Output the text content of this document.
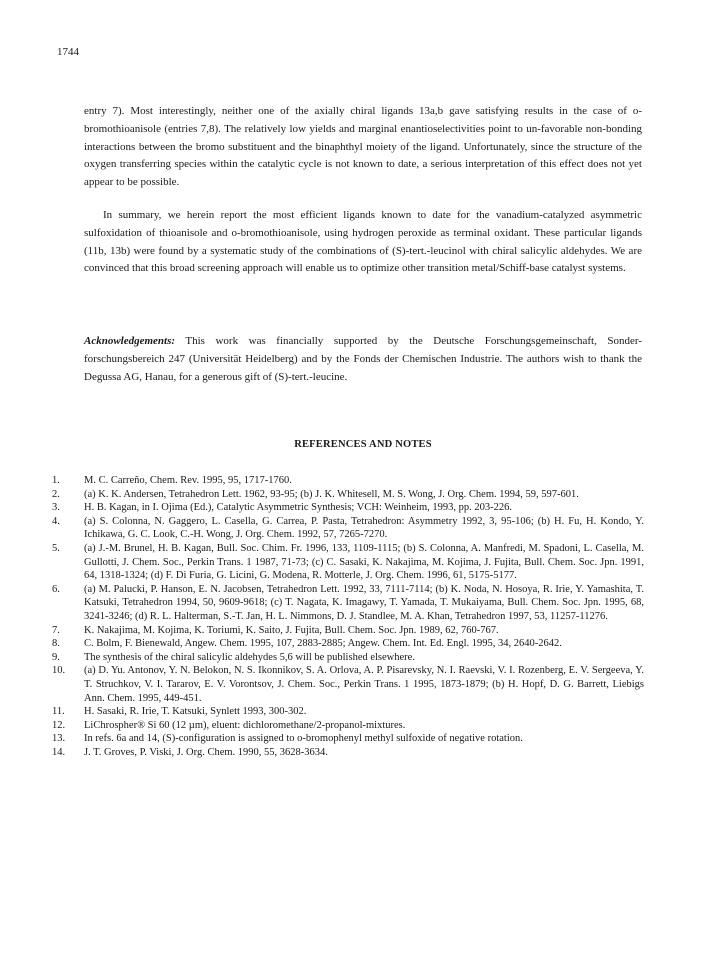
1744

entry 7). Most interestingly, neither one of the axially chiral ligands 13a,b gave satisfying results in the case of o-bromothioanisole (entries 7,8). The relatively low yields and marginal enantioselectivities point to un-favorable non-bonding interactions between the bromo substituent and the binaphthyl moiety of the ligand. Unfortunately, since the structure of the oxygen transferring species within the catalytic cycle is not known to date, a serious interpretation of this effect does not yet appear to be possible.

In summary, we herein report the most efficient ligands known to date for the vanadium-catalyzed asymmetric sulfoxidation of thioanisole and o-bromothioanisole, using hydrogen peroxide as terminal oxidant. These particular ligands (11b, 13b) were found by a systematic study of the combinations of (S)-tert.-leucinol with chiral salicylic aldehydes. We are convinced that this broad screening approach will enable us to optimize other transition metal/Schiff-base catalyst systems.

Acknowledgements: This work was financially supported by the Deutsche Forschungsgemeinschaft, Sonder-forschungsbereich 247 (Universität Heidelberg) and by the Fonds der Chemischen Industrie. The authors wish to thank the Degussa AG, Hanau, for a generous gift of (S)-tert.-leucine.

REFERENCES AND NOTES
1.	M. C. Carreño, Chem. Rev. 1995, 95, 1717-1760.
2.	(a) K. K. Andersen, Tetrahedron Lett. 1962, 93-95; (b) J. K. Whitesell, M. S. Wong, J. Org. Chem. 1994, 59, 597-601.
3.	H. B. Kagan, in I. Ojima (Ed.), Catalytic Asymmetric Synthesis; VCH: Weinheim, 1993, pp. 203-226.
4.	(a) S. Colonna, N. Gaggero, L. Casella, G. Carrea, P. Pasta, Tetrahedron: Asymmetry 1992, 3, 95-106; (b) H. Fu, H. Kondo, Y. Ichikawa, G. C. Look, C.-H. Wong, J. Org. Chem. 1992, 57, 7265-7270.
5.	(a) J.-M. Brunel, H. B. Kagan, Bull. Soc. Chim. Fr. 1996, 133, 1109-1115; (b) S. Colonna, A. Manfredi, M. Spadoni, L. Casella, M. Gullotti, J. Chem. Soc., Perkin Trans. 1 1987, 71-73; (c) C. Sasaki, K. Nakajima, M. Kojima, J. Fujita, Bull. Chem. Soc. Jpn. 1991, 64, 1318-1324; (d) F. Di Furia, G. Licini, G. Modena, R. Motterle, J. Org. Chem. 1996, 61, 5175-5177.
6.	(a) M. Palucki, P. Hanson, E. N. Jacobsen, Tetrahedron Lett. 1992, 33, 7111-7114; (b) K. Noda, N. Hosoya, R. Irie, Y. Yamashita, T. Katsuki, Tetrahedron 1994, 50, 9609-9618; (c) T. Nagata, K. Imagawy, T. Yamada, T. Mukaiyama, Bull. Chem. Soc. Jpn. 1995, 68, 3241-3246; (d) R. L. Halterman, S.-T. Jan, H. L. Nimmons, D. J. Standlee, M. A. Khan, Tetrahedron 1997, 53, 11257-11276.
7.	K. Nakajima, M. Kojima, K. Toriumi, K. Saito, J. Fujita, Bull. Chem. Soc. Jpn. 1989, 62, 760-767.
8.	C. Bolm, F. Bienewald, Angew. Chem. 1995, 107, 2883-2885; Angew. Chem. Int. Ed. Engl. 1995, 34, 2640-2642.
9.	The synthesis of the chiral salicylic aldehydes 5,6 will be published elsewhere.
10.	(a) D. Yu. Antonov, Y. N. Belokon, N. S. Ikonnikov, S. A. Orlova, A. P. Pisarevsky, N. I. Raevski, V. I. Rozenberg, E. V. Sergeeva, Y. T. Struchkov, V. I. Tararov, E. V. Vorontsov, J. Chem. Soc., Perkin Trans. 1 1995, 1873-1879; (b) H. Hopf, D. G. Barrett, Liebigs Ann. Chem. 1995, 449-451.
11.	H. Sasaki, R. Irie, T. Katsuki, Synlett 1993, 300-302.
12.	LiChrospher® Si 60 (12 µm), eluent: dichloromethane/2-propanol-mixtures.
13.	In refs. 6a and 14, (S)-configuration is assigned to o-bromophenyl methyl sulfoxide of negative rotation.
14.	J. T. Groves, P. Viski, J. Org. Chem. 1990, 55, 3628-3634.
